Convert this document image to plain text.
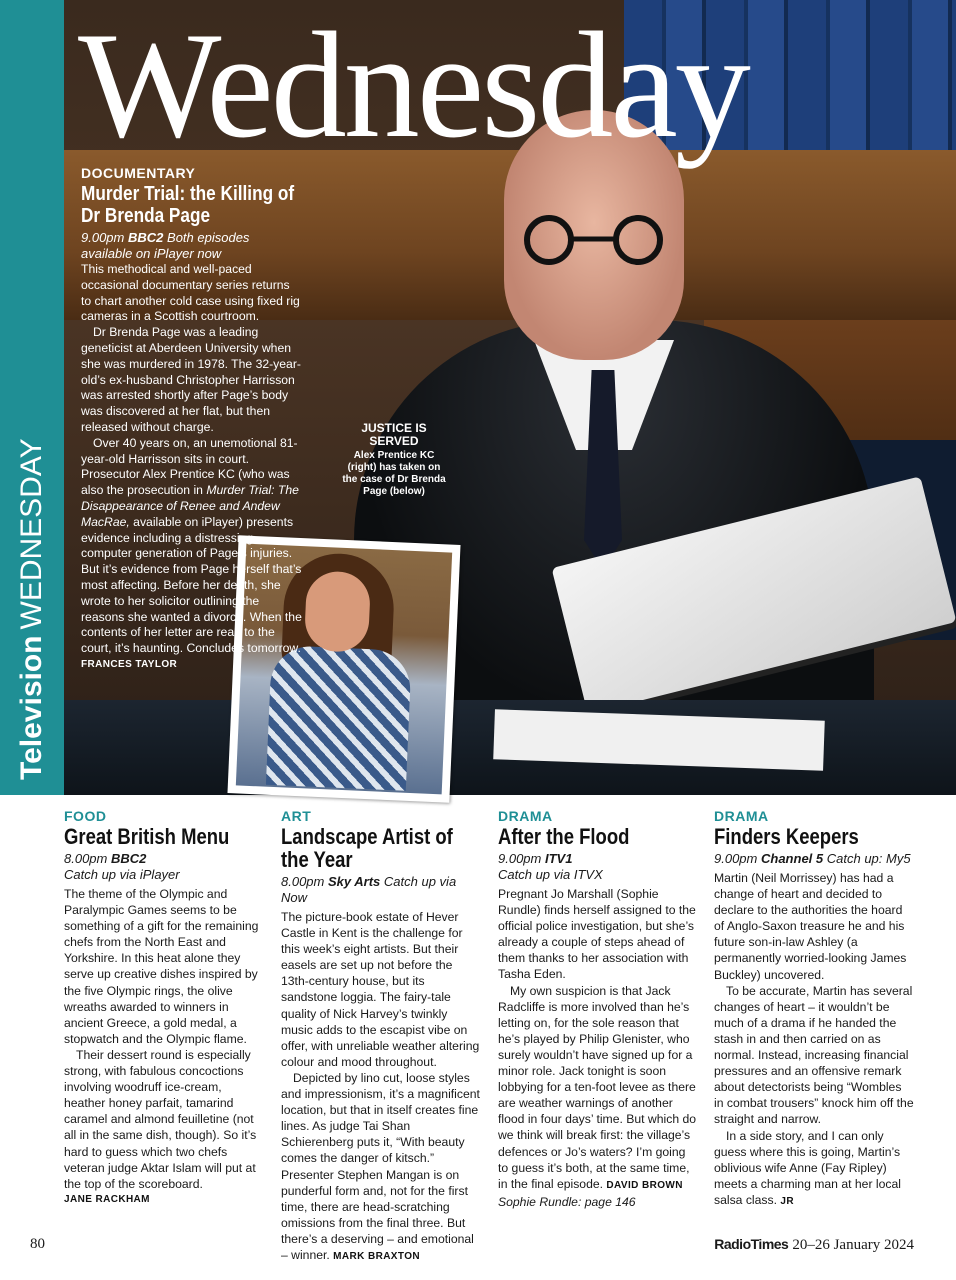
TelevisionWEDNESDAY
Wednesday
JUSTICE IS SERVED
Alex Prentice KC (right) has taken on the case of Dr Brenda Page (below)
DOCUMENTARY
Murder Trial: the Killing of Dr Brenda Page
9.00pm BBC2 Both episodes available on iPlayer now

This methodical and well-paced occasional documentary series returns to chart another cold case using fixed rig cameras in a Scottish courtroom.

Dr Brenda Page was a leading geneticist at Aberdeen University when she was murdered in 1978. The 32-year-old’s ex-husband Christopher Harrisson was arrested shortly after Page’s body was discovered at her flat, but then released without charge.

Over 40 years on, an unemotional 81-year-old Harrisson sits in court. Prosecutor Alex Prentice KC (who was also the prosecution in Murder Trial: The Disappearance of Renee and Andew MacRae, available on iPlayer) presents evidence including a distressing computer generation of Page’s injuries. But it’s evidence from Page herself that’s most affecting. Before her death, she wrote to her solicitor outlining the reasons she wanted a divorce. When the contents of her letter are read to the court, it’s haunting. Concludes tomorrow.

FRANCES TAYLOR
FOOD
Great British Menu
8.00pm BBC2
Catch up via iPlayer

The theme of the Olympic and Paralympic Games seems to be something of a gift for the remaining chefs from the North East and Yorkshire. In this heat alone they serve up creative dishes inspired by the five Olympic rings, the olive wreaths awarded to winners in ancient Greece, a gold medal, a stopwatch and the Olympic flame.

Their dessert round is especially strong, with fabulous concoctions involving woodruff ice-cream, heather honey parfait, tamarind caramel and almond feuilletine (not all in the same dish, though). So it’s hard to guess which two chefs veteran judge Aktar Islam will put at the top of the scoreboard.

JANE RACKHAM
ART
Landscape Artist of the Year
8.00pm Sky Arts Catch up via Now

The picture-book estate of Hever Castle in Kent is the challenge for this week’s eight artists. But their easels are set up not before the 13th-century house, but its sandstone loggia. The fairy-tale quality of Nick Harvey’s twinkly music adds to the escapist vibe on offer, with unreliable weather altering colour and mood throughout.

Depicted by lino cut, loose styles and impressionism, it’s a magnificent location, but that in itself creates fine lines. As judge Tai Shan Schierenberg puts it, “With beauty comes the danger of kitsch.” Presenter Stephen Mangan is on punderful form and, not for the first time, there are head-scratching omissions from the final three. But there’s a deserving – and emotional – winner. MARK BRAXTON

DRAMA
After the Flood
9.00pm ITV1
Catch up via ITVX

Pregnant Jo Marshall (Sophie Rundle) finds herself assigned to the official police investigation, but she’s already a couple of steps ahead of them thanks to her association with Tasha Eden.

My own suspicion is that Jack Radcliffe is more involved than he’s letting on, for the sole reason that he’s played by Philip Glenister, who surely wouldn’t have signed up for a minor role. Jack tonight is soon lobbying for a ten-foot levee as there are weather warnings of another flood in four days’ time. But which do we think will break first: the village’s defences or Jo’s waters? I’m going to guess it’s both, at the same time, in the final episode. DAVID BROWN

Sophie Rundle: page 146
DRAMA
Finders Keepers
9.00pm Channel 5 Catch up: My5

Martin (Neil Morrissey) has had a change of heart and decided to declare to the authorities the hoard of Anglo-Saxon treasure he and his future son-in-law Ashley (a permanently worried-looking James Buckley) uncovered.

To be accurate, Martin has several changes of heart – it wouldn’t be much of a drama if he handed the stash in and then carried on as normal. Instead, increasing financial pressures and an offensive remark about detectorists being “Wombles in combat trousers” knock him off the straight and narrow.

In a side story, and I can only guess where this is going, Martin’s oblivious wife Anne (Fay Ripley) meets a charming man at her local salsa class. JR

80	RadioTimes 20–26 January 2024
